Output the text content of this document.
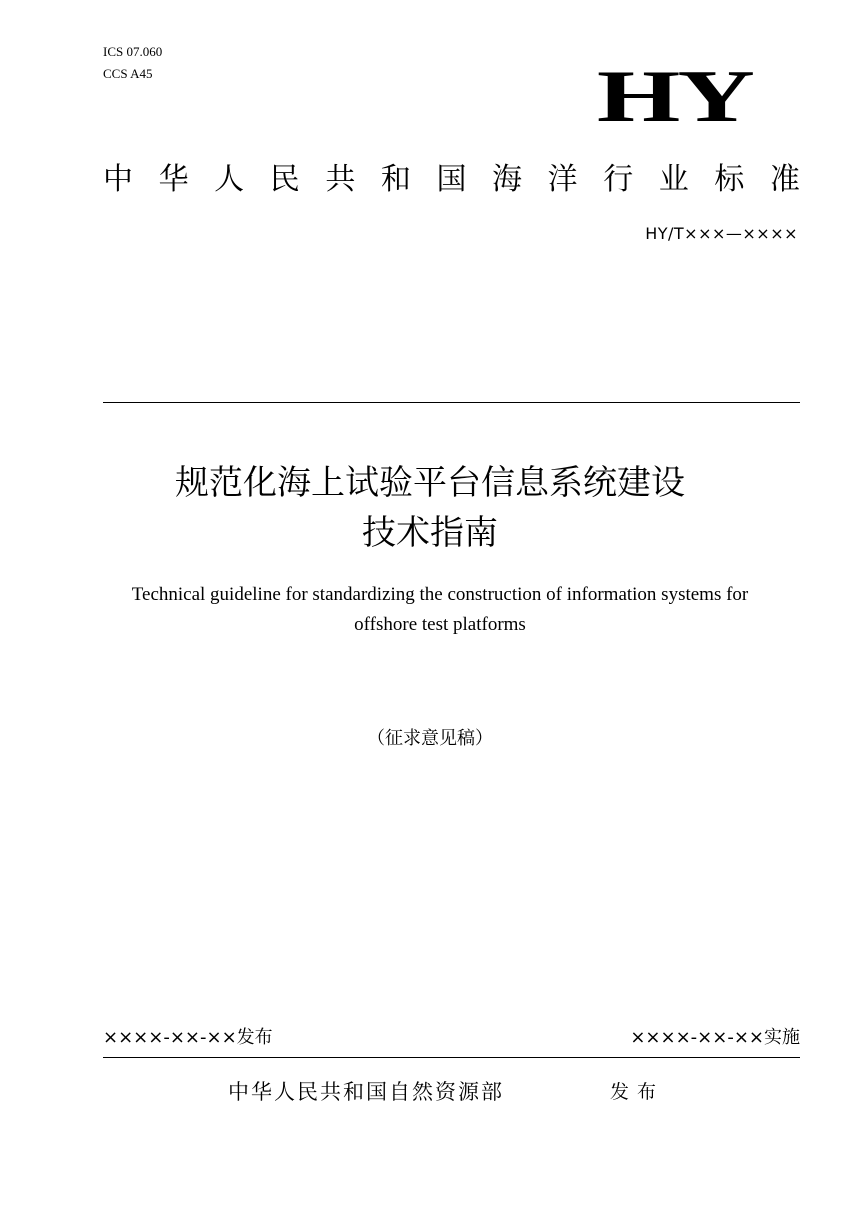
ICS 07.060
CCS A45	HY
中 华 人 民 共 和 国 海 洋 行 业 标 准
HY/T×××—××××
规范化海上试验平台信息系统建设
技术指南
Technical guideline for standardizing the construction of information systems for
offshore test platforms
（征求意见稿）
××××-××-××发布	××××-××-××实施
中华人民共和国自然资源部	发布
